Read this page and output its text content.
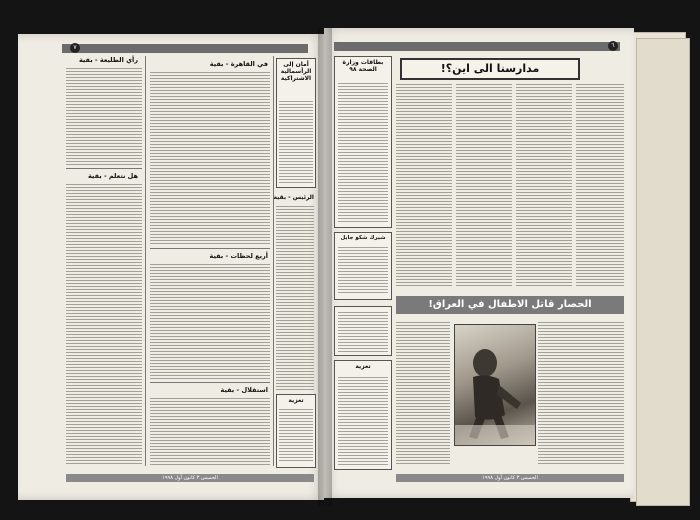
٧
رأي الطليعة - بقية
هل نتعلم - بقية
في القاهرة - بقية
أربع لحظات - بقية
استقلال - بقية
أمان إلى الرأسمالية الاشتراكية
الرئيس - بقية
تعزية
الخميس ٣ كانون أول ١٩٩٨
٦
بطاقات وزارة الصحة ٩٨
شيرك شكو جايل
مدارسنا الى اين؟!
الحصار قاتل الاطفال في العراق!
تعزية
الخميس ٣ كانون أول ١٩٩٨
